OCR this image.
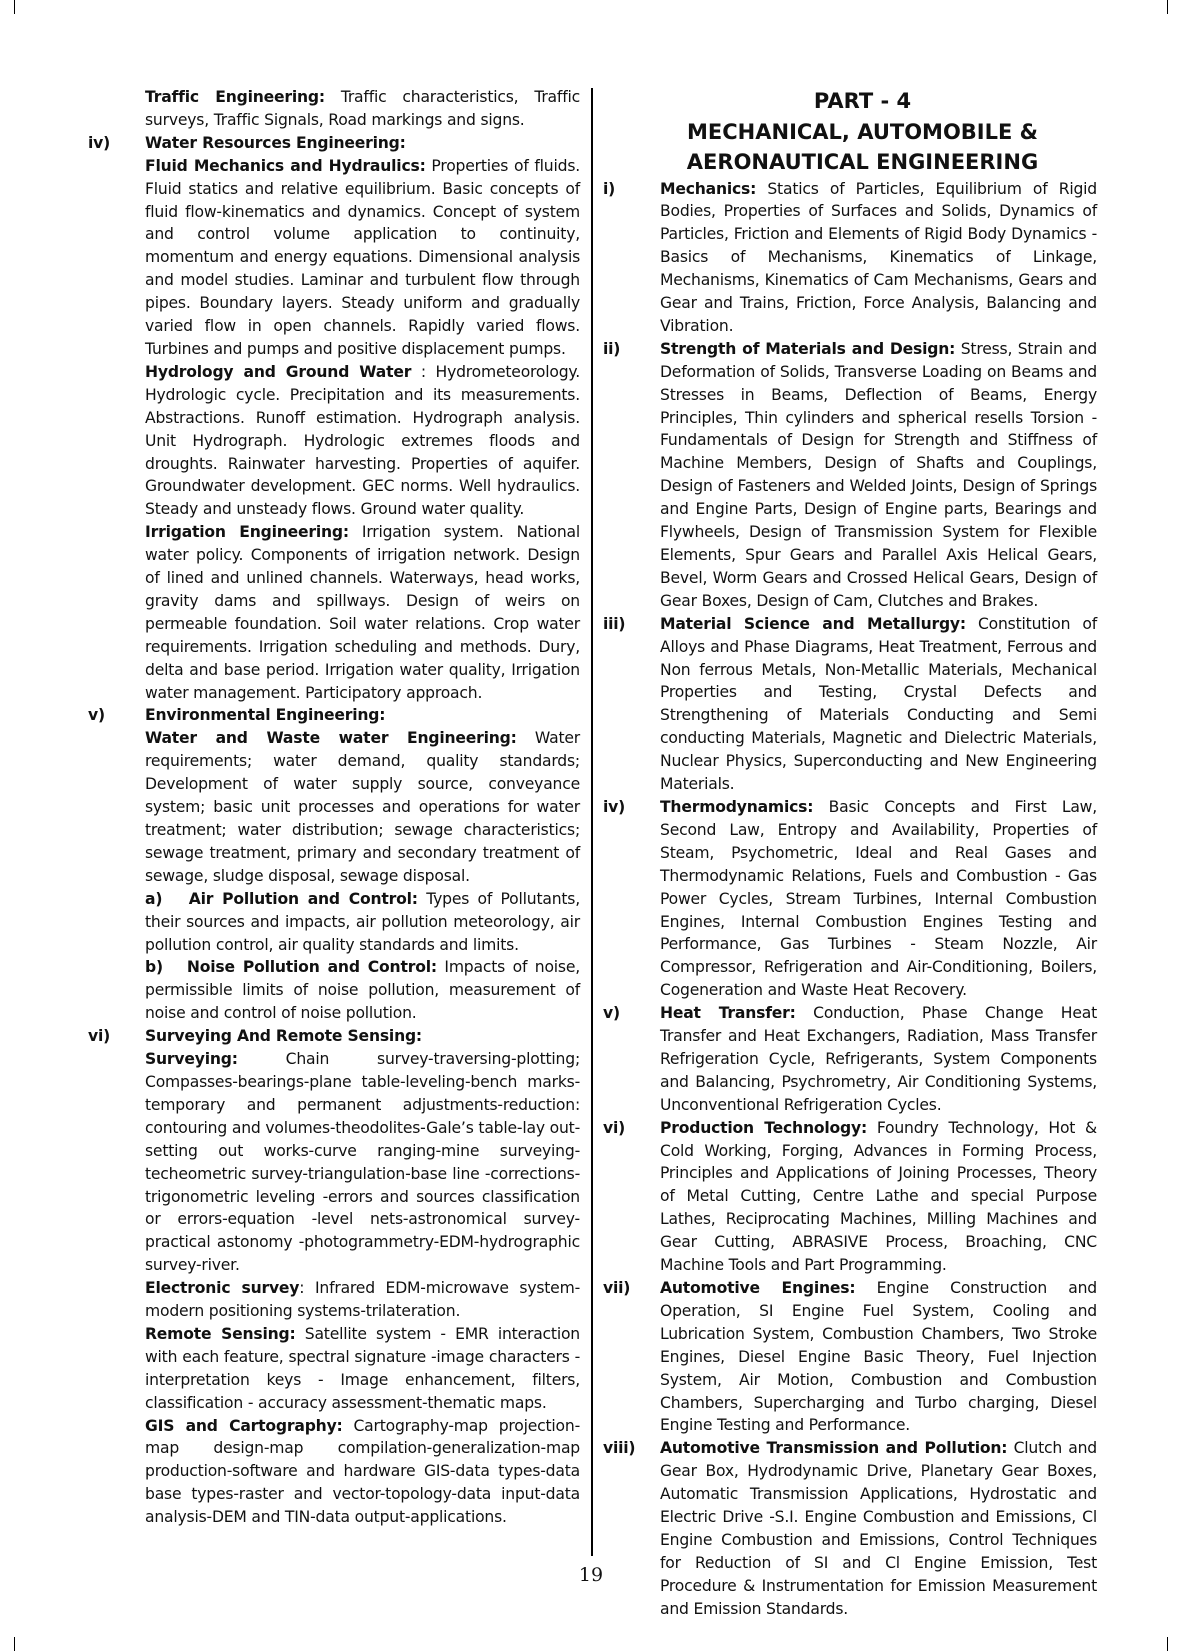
Traffic Engineering: Traffic characteristics, Traffic surveys, Traffic Signals, Road markings and signs.

iv) Water Resources Engineering:

Fluid Mechanics and Hydraulics: Properties of fluids. Fluid statics and relative equilibrium. Basic concepts of fluid flow-kinematics and dynamics. Concept of system and control volume application to continuity, momentum and energy equations. Dimensional analysis and model studies. Laminar and turbulent flow through pipes. Boundary layers. Steady uniform and gradually varied flow in open channels. Rapidly varied flows. Turbines and pumps and positive displacement pumps.

Hydrology and Ground Water : Hydrometeorology. Hydrologic cycle. Precipitation and its measurements. Abstractions. Runoff estimation. Hydrograph analysis. Unit Hydrograph. Hydrologic extremes floods and droughts. Rainwater harvesting. Properties of aquifer. Groundwater development. GEC norms. Well hydraulics. Steady and unsteady flows. Ground water quality.

Irrigation Engineering: Irrigation system. National water policy. Components of irrigation network. Design of lined and unlined channels. Waterways, head works, gravity dams and spillways. Design of weirs on permeable foundation. Soil water relations. Crop water requirements. Irrigation scheduling and methods. Dury, delta and base period. Irrigation water quality, Irrigation water management. Participatory approach.

v)	Environmental Engineering:

Water and Waste water Engineering: Water requirements; water demand, quality standards; Development of water supply source, conveyance system; basic unit processes and operations for water treatment; water distribution; sewage characteristics; sewage treatment, primary and secondary treatment of sewage, sludge disposal, sewage disposal.

a)   Air Pollution and Control: Types of Pollutants, their sources and impacts, air pollution meteorology, air pollution control, air quality standards and limits.

b)   Noise Pollution and Control: Impacts of noise, permissible limits of noise pollution, measurement of noise and control of noise pollution.

vi) Surveying And Remote Sensing:

Surveying: Chain survey-traversing-plotting; Compasses-bearings-plane table-leveling-bench marks-temporary and permanent adjustments-reduction: contouring and volumes-theodolites-Gale’s table-lay out-setting out works-curve ranging-mine surveying- techeometric survey-triangulation-base line -corrections-trigonometric leveling -errors and sources classification or errors-equation -level nets-astronomical survey-practical astonomy -photogrammetry-EDM-hydrographic survey-river.

Electronic survey: Infrared EDM-microwave system-modern positioning systems-trilateration.

Remote Sensing: Satellite system - EMR interaction with each feature, spectral signature -image characters - interpretation keys - Image enhancement, filters, classification - accuracy assessment-thematic maps.

GIS and Cartography: Cartography-map projection-map design-map compilation-generalization-map production-software and hardware GIS-data types-data base types-raster and vector-topology-data input-data analysis-DEM and TIN-data output-applications.

PART - 4

MECHANICAL, AUTOMOBILE &

AERONAUTICAL ENGINEERING

i)	Mechanics: Statics of Particles, Equilibrium of Rigid Bodies, Properties of Surfaces and Solids, Dynamics of Particles, Friction and Elements of Rigid Body Dynamics - Basics of Mechanisms, Kinematics of Linkage, Mechanisms, Kinematics of Cam Mechanisms, Gears and Gear and Trains, Friction, Force Analysis, Balancing and Vibration.

ii)	Strength of Materials and Design: Stress, Strain and Deformation of Solids, Transverse Loading on Beams and Stresses in Beams, Deflection of Beams, Energy Principles, Thin cylinders and spherical resells Torsion - Fundamentals of Design for Strength and Stiffness of Machine Members, Design of Shafts and Couplings, Design of Fasteners and Welded Joints, Design of Springs and Engine Parts, Design of Engine parts, Bearings and Flywheels, Design of Transmission System for Flexible Elements, Spur Gears and Parallel Axis Helical Gears, Bevel, Worm Gears and Crossed Helical Gears, Design of Gear Boxes, Design of Cam, Clutches and Brakes.

iii) Material Science and Metallurgy: Constitution of Alloys and Phase Diagrams, Heat Treatment, Ferrous and Non ferrous Metals, Non-Metallic Materials, Mechanical Properties and Testing, Crystal Defects and Strengthening of Materials Conducting and Semi conducting Materials, Magnetic and Dielectric Materials, Nuclear Physics, Superconducting and New Engineering Materials.

iv) Thermodynamics: Basic Concepts and First Law, Second Law, Entropy and Availability, Properties of Steam, Psychometric, Ideal and Real Gases and Thermodynamic Relations, Fuels and Combustion - Gas Power Cycles, Stream Turbines, Internal Combustion Engines, Internal Combustion Engines Testing and Performance, Gas Turbines - Steam Nozzle, Air Compressor, Refrigeration and Air-Conditioning, Boilers, Cogeneration and Waste Heat Recovery.

v)	Heat Transfer: Conduction, Phase Change Heat Transfer and Heat Exchangers, Radiation, Mass Transfer Refrigeration Cycle, Refrigerants, System Components and Balancing, Psychrometry, Air Conditioning Systems, Unconventional Refrigeration Cycles.

vi) Production Technology: Foundry Technology, Hot & Cold Working, Forging, Advances in Forming Process, Principles and Applications of Joining Processes, Theory of Metal Cutting, Centre Lathe and special Purpose Lathes, Reciprocating Machines, Milling Machines and Gear Cutting, ABRASIVE Process, Broaching, CNC Machine Tools and Part Programming.

vii) Automotive Engines: Engine Construction and Operation, SI Engine Fuel System, Cooling and Lubrication System, Combustion Chambers, Two Stroke Engines, Diesel Engine Basic Theory, Fuel Injection System, Air Motion, Combustion and Combustion Chambers, Supercharging and Turbo charging, Diesel Engine Testing and Performance.

viii) Automotive Transmission and Pollution: Clutch and Gear Box, Hydrodynamic Drive, Planetary Gear Boxes, Automatic Transmission Applications, Hydrostatic and Electric Drive -S.I. Engine Combustion and Emissions, Cl Engine Combustion and Emissions, Control Techniques for Reduction of SI and Cl Engine Emission, Test Procedure & Instrumentation for Emission Measurement and Emission Standards.

19
